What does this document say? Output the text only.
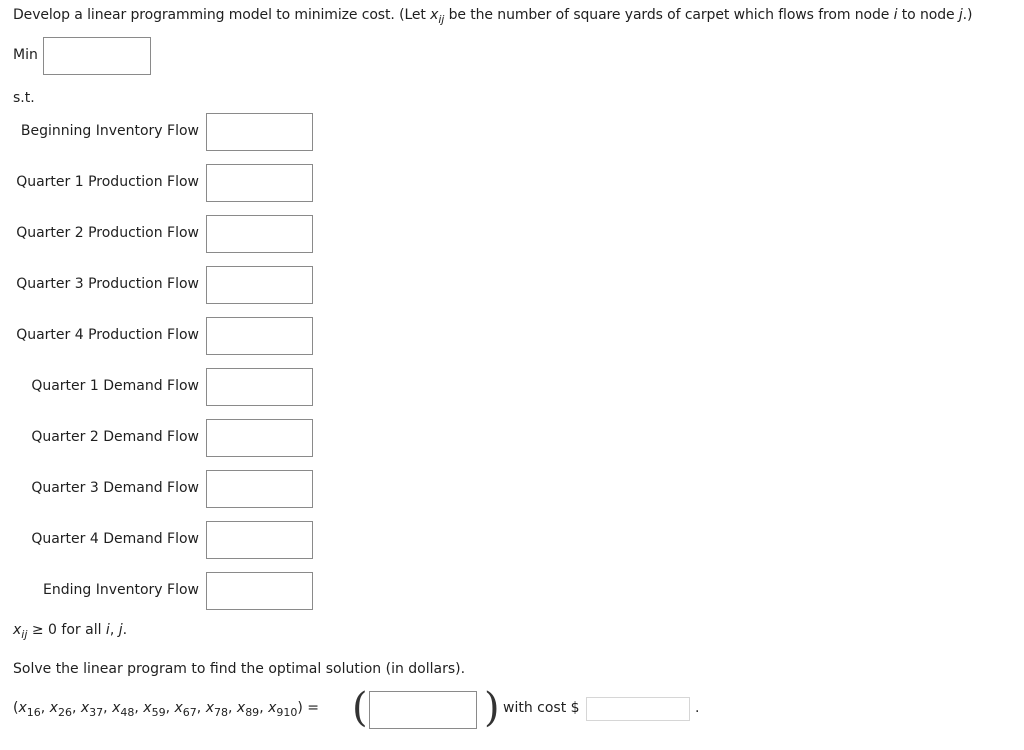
Develop a linear programming model to minimize cost. (Let $x_{ij}$ be the number of square yards of carpet which flows from node i to node j.)
Min
s.t.
Beginning Inventory Flow
Quarter 1 Production Flow
Quarter 2 Production Flow
Quarter 3 Production Flow
Quarter 4 Production Flow
Quarter 1 Demand Flow
Quarter 2 Demand Flow
Quarter 3 Demand Flow
Quarter 4 Demand Flow
Ending Inventory Flow
$x_{ij} \ge 0$ for all i, j.
Solve the linear program to find the optimal solution (in dollars).
($x_{16}$, $x_{26}$, $x_{37}$, $x_{48}$, $x_{59}$, $x_{67}$, $x_{78}$, $x_{89}$, $x_{910}$) = (	) with cost $	.
